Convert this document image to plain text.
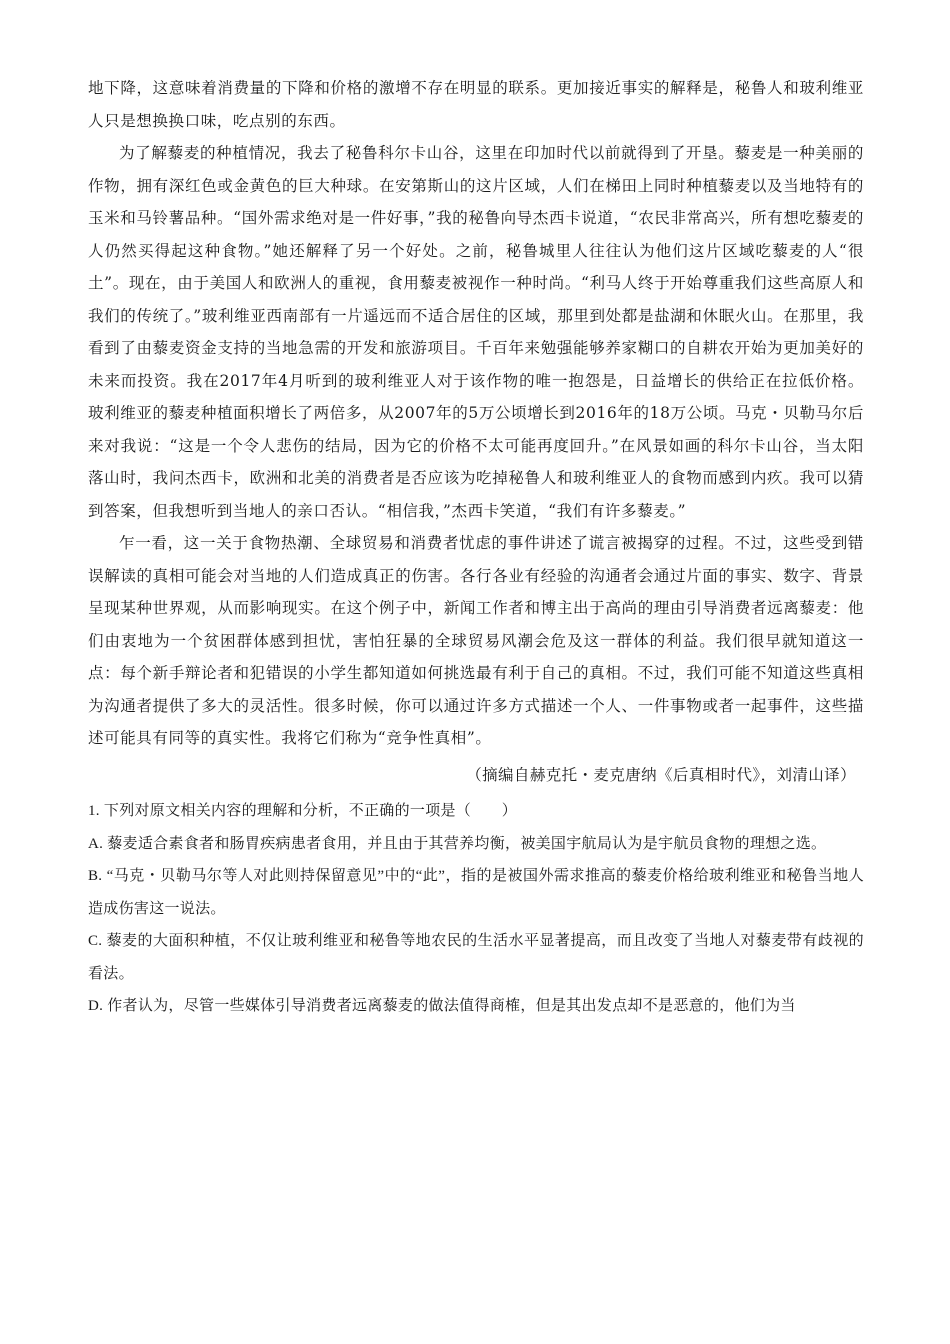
地下降，这意味着消费量的下降和价格的激增不存在明显的联系。更加接近事实的解释是，秘鲁人和玻利维亚人只是想换换口味，吃点别的东西。

为了解藜麦的种植情况，我去了秘鲁科尔卡山谷，这里在印加时代以前就得到了开垦。藜麦是一种美丽的作物，拥有深红色或金黄色的巨大种球。在安第斯山的这片区域，人们在梯田上同时种植藜麦以及当地特有的玉米和马铃薯品种。“国外需求绝对是一件好事，”我的秘鲁向导杰西卡说道，“农民非常高兴，所有想吃藜麦的人仍然买得起这种食物。”她还解释了另一个好处。之前，秘鲁城里人往往认为他们这片区域吃藜麦的人“很土”。现在，由于美国人和欧洲人的重视，食用藜麦被视作一种时尚。“利马人终于开始尊重我们这些高原人和我们的传统了。”玻利维亚西南部有一片遥远而不适合居住的区域，那里到处都是盐湖和休眠火山。在那里，我看到了由藜麦资金支持的当地急需的开发和旅游项目。千百年来勉强能够养家糊口的自耕农开始为更加美好的未来而投资。我在2017年4月听到的玻利维亚人对于该作物的唯一抱怨是，日益增长的供给正在拉低价格。玻利维亚的藜麦种植面积增长了两倍多，从2007年的5万公顷增长到2016年的18万公顷。马克・贝勒马尔后来对我说：“这是一个令人悲伤的结局，因为它的价格不太可能再度回升。”在风景如画的科尔卡山谷，当太阳落山时，我问杰西卡，欧洲和北美的消费者是否应该为吃掉秘鲁人和玻利维亚人的食物而感到内疚。我可以猜到答案，但我想听到当地人的亲口否认。“相信我，”杰西卡笑道，“我们有许多藜麦。”

乍一看，这一关于食物热潮、全球贸易和消费者忧虑的事件讲述了谎言被揭穿的过程。不过，这些受到错误解读的真相可能会对当地的人们造成真正的伤害。各行各业有经验的沟通者会通过片面的事实、数字、背景呈现某种世界观，从而影响现实。在这个例子中，新闻工作者和博主出于高尚的理由引导消费者远离藜麦：他们由衷地为一个贫困群体感到担忧，害怕狂暴的全球贸易风潮会危及这一群体的利益。我们很早就知道这一点：每个新手辩论者和犯错误的小学生都知道如何挑选最有利于自己的真相。不过，我们可能不知道这些真相为沟通者提供了多大的灵活性。很多时候，你可以通过许多方式描述一个人、一件事物或者一起事件，这些描述可能具有同等的真实性。我将它们称为“竞争性真相”。

（摘编自赫克托・麦克唐纳《后真相时代》，刘清山译）

1. 下列对原文相关内容的理解和分析，不正确的一项是（　　）

A. 藜麦适合素食者和肠胃疾病患者食用，并且由于其营养均衡，被美国宇航局认为是宇航员食物的理想之选。

B. “马克・贝勒马尔等人对此则持保留意见”中的“此”，指的是被国外需求推高的藜麦价格给玻利维亚和秘鲁当地人造成伤害这一说法。

C. 藜麦的大面积种植，不仅让玻利维亚和秘鲁等地农民的生活水平显著提高，而且改变了当地人对藜麦带有歧视的看法。

D. 作者认为，尽管一些媒体引导消费者远离藜麦的做法值得商榷，但是其出发点却不是恶意的，他们为当
